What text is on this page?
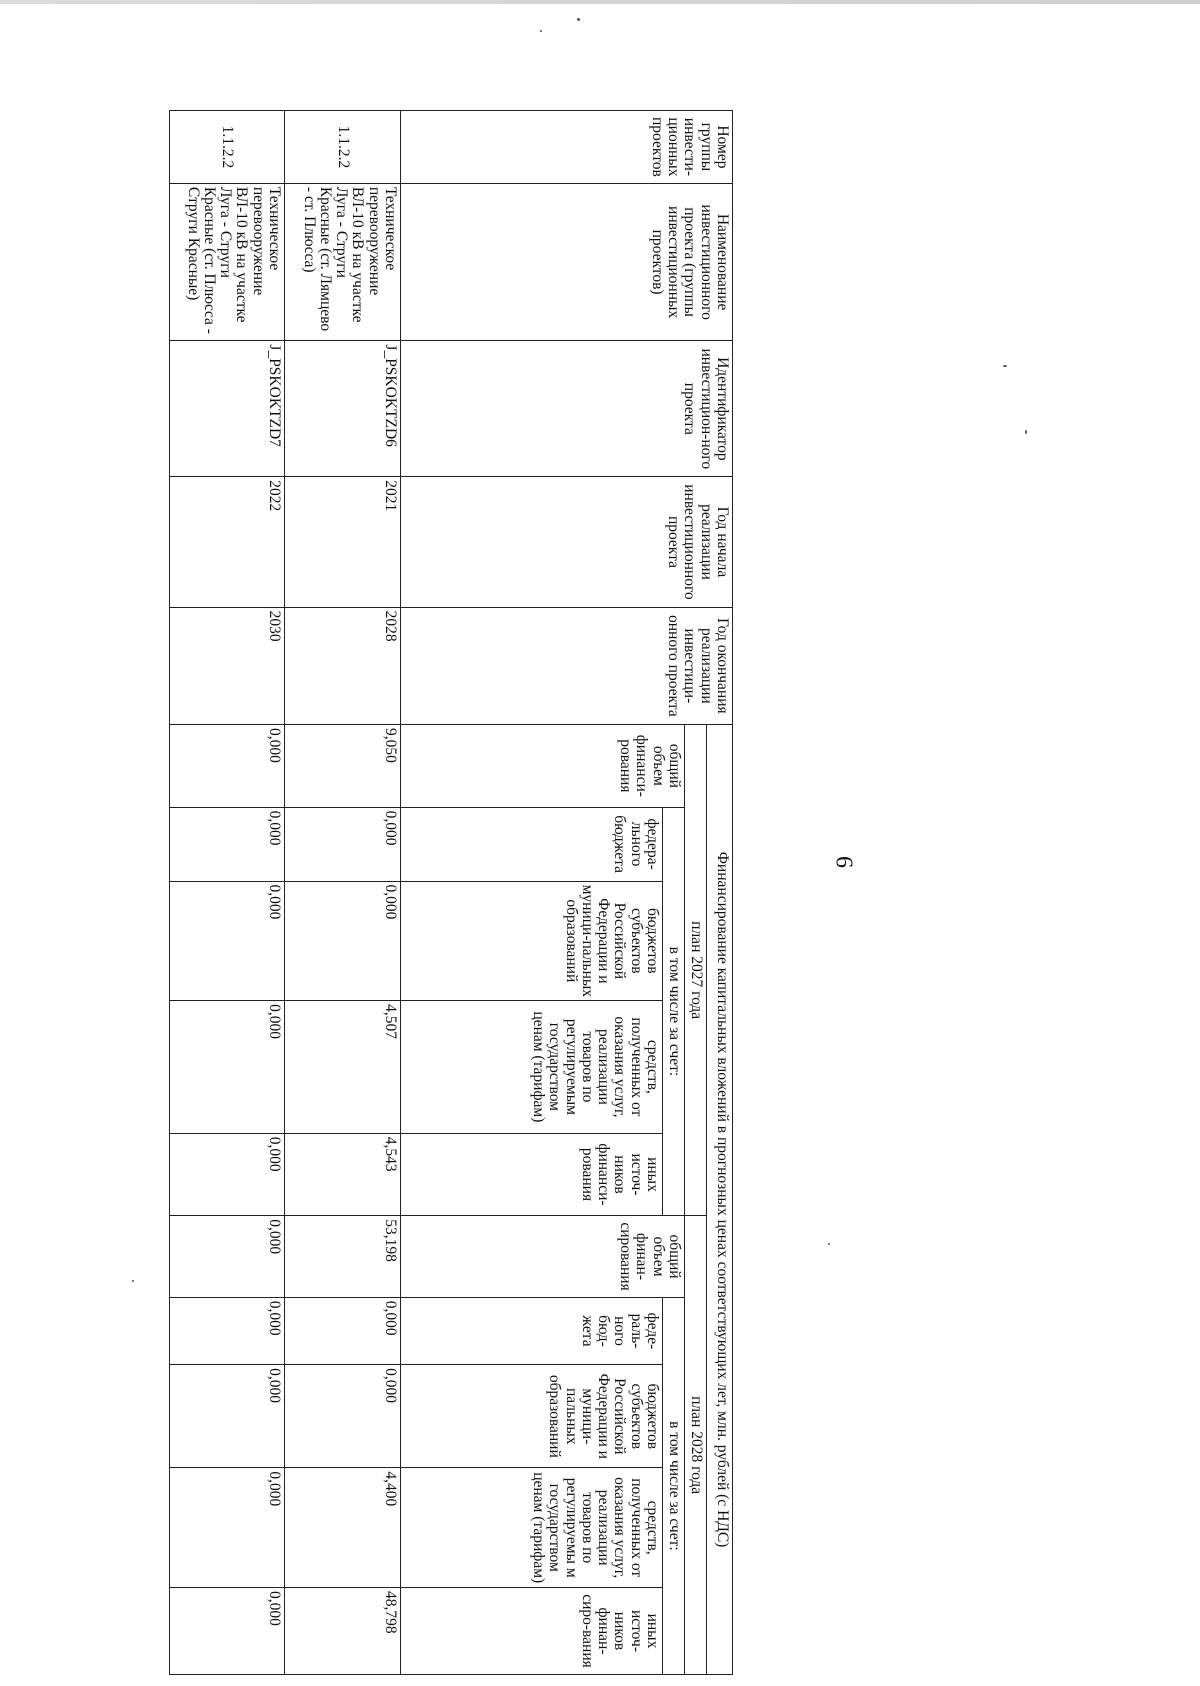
6
Номер группы инвести-ционных проектов	Наименование инвестиционного проекта (группы инвестиционных проектов)	Идентификатор инвестицион-ного проекта	Год начала реализации инвестиционного проекта	Год окончания реализации инвестици-онного проекта	Финансирование капитальных вложений в прогнозных ценах соответствующих лет, млн. рублей (с НДС)									
					план 2027 года					план 2028 года				
					общий объем финанси-рования	в том числе за счет:				общий объем финан-сирования	в том числе за счет:			
						федера-льного бюджета	бюджетов субъектов Российской Федерации и муници-пальных образований	средств, полученных от оказания услуг, реализации товаров по регулируемым государством ценам (тарифам)	иных источ-ников финанси-рования		феде-раль-ного бюд-жета	бюджетов субъектов Российской Федерации и муници-пальных образований	средств, полученных от оказания услуг, реализации товаров по регулируемы м государством ценам (тарифам)	иных источ-ников финан-сиро-вания
1.1.2.2	Техническое перевооружение ВЛ-10 кВ на участке Луга - Струги Красные (ст. Лямцево - ст. Плюсса)	J_PSKOKTZD6	2021	2028	9,050	0,000	0,000	4,507	4,543	53,198	0,000	0,000	4,400	48,798
1.1.2.2	Техническое перевооружение ВЛ-10 кВ на участке Луга - Струги Красные (ст. Плюсса - Струги Красные)	J_PSKOKTZD7	2022	2030	0,000	0,000	0,000	0,000	0,000	0,000	0,000	0,000	0,000	0,000
